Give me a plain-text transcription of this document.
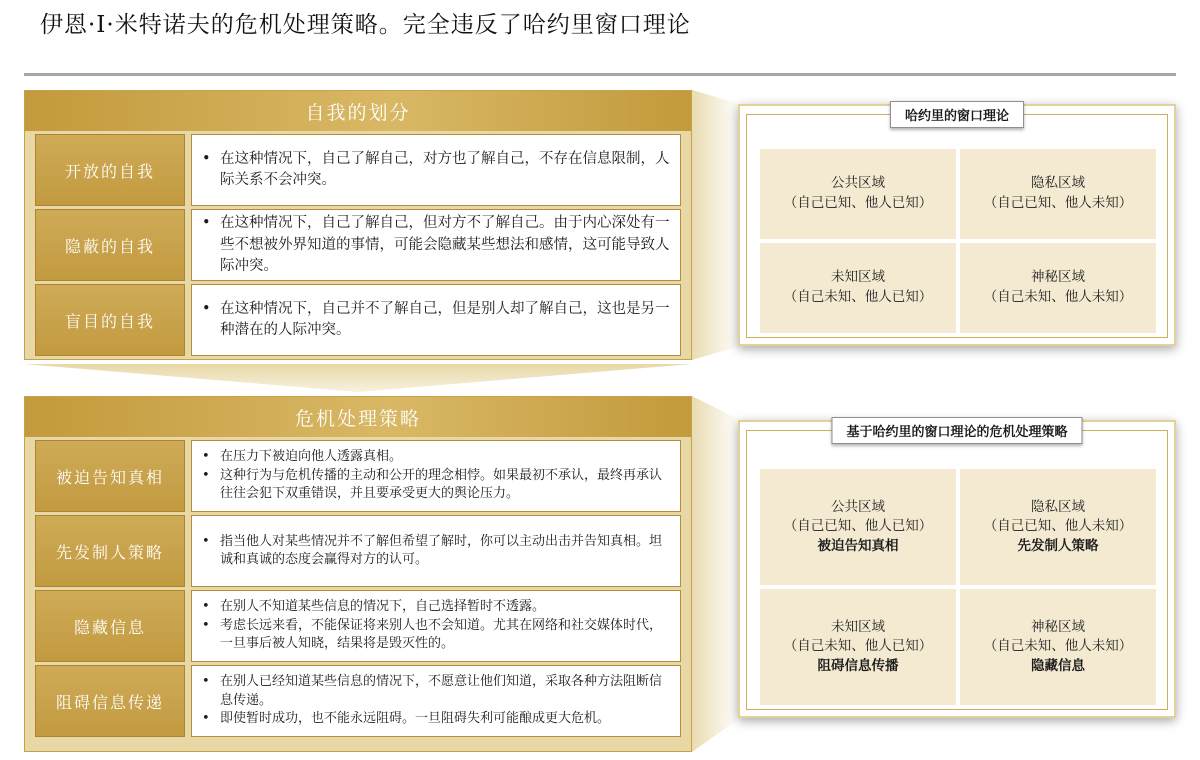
伊恩·I·米特诺夫的危机处理策略。完全违反了哈约里窗口理论
自我的划分
开放的自我
• 在这种情况下，自己了解自己，对方也了解自己，不存在信息限制，人际关系不会冲突。
隐蔽的自我
• 在这种情况下，自己了解自己，但对方不了解自己。由于内心深处有一些不想被外界知道的事情，可能会隐藏某些想法和感情，这可能导致人际冲突。
盲目的自我
• 在这种情况下，自己并不了解自己，但是别人却了解自己，这也是另一种潜在的人际冲突。
危机处理策略
被迫告知真相
• 在压力下被迫向他人透露真相。
• 这种行为与危机传播的主动和公开的理念相悖。如果最初不承认，最终再承认往往会犯下双重错误，并且要承受更大的舆论压力。
先发制人策略
• 指当他人对某些情况并不了解但希望了解时，你可以主动出击并告知真相。坦诚和真诚的态度会赢得对方的认可。
隐藏信息
• 在别人不知道某些信息的情况下，自己选择暂时不透露。
• 考虑长远来看，不能保证将来别人也不会知道。尤其在网络和社交媒体时代，一旦事后被人知晓，结果将是毁灭性的。
阻碍信息传递
• 在别人已经知道某些信息的情况下，不愿意让他们知道，采取各种方法阻断信息传递。
• 即使暂时成功，也不能永远阻碍。一旦阻碍失利可能酿成更大危机。
哈约里的窗口理论
公共区域
（自己已知、他人已知）
隐私区域
（自己已知、他人未知）
未知区域
（自己未知、他人已知）
神秘区域
（自己未知、他人未知）
基于哈约里的窗口理论的危机处理策略
公共区域
（自己已知、他人已知）
被迫告知真相
隐私区域
（自己已知、他人未知）
先发制人策略
未知区域
（自己未知、他人已知）
阻碍信息传播
神秘区域
（自己未知、他人未知）
隐藏信息
